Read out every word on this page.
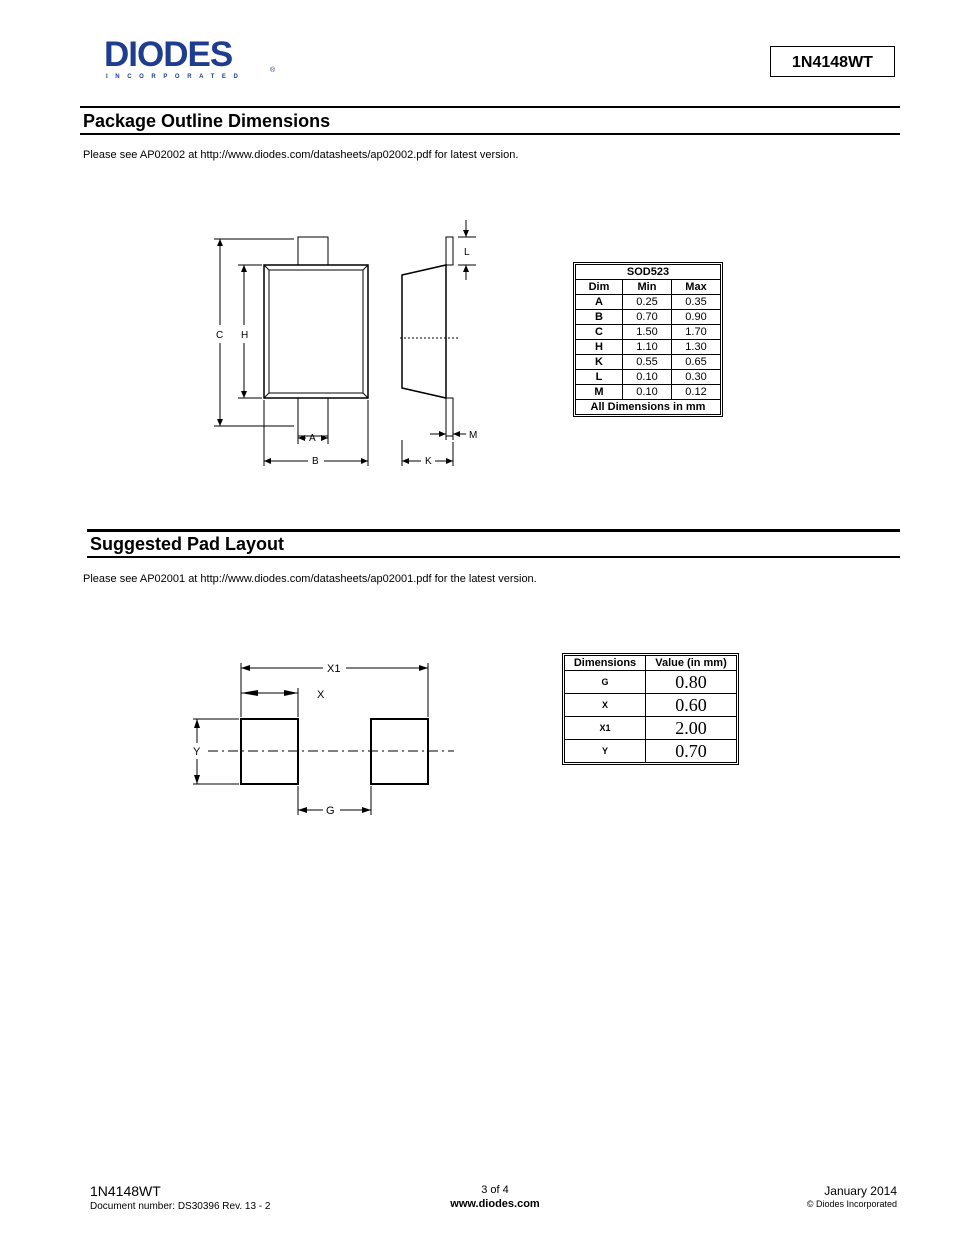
DIODES
INCORPORATED
®	1N4148WT
Package Outline Dimensions
Please see AP02002 at http://www.diodes.com/datasheets/ap02002.pdf for latest version.
C H
A
B
L
M
K
SOD523		
Dim	Min	Max
A	0.25	0.35
B	0.70	0.90
C	1.50	1.70
H	1.10	1.30
K	0.55	0.65
L	0.10	0.30
M	0.10	0.12
All Dimensions in mm		
Suggested Pad Layout
Please see AP02001 at http://www.diodes.com/datasheets/ap02001.pdf for the latest version.
X1
X
Y
G
Dimensions	Value (in mm)
G	0.80
X	0.60
X1	2.00
Y	0.70
1N4148WT
Document number: DS30396 Rev. 13 - 2
3 of 4
www.diodes.com
January 2014
© Diodes Incorporated
